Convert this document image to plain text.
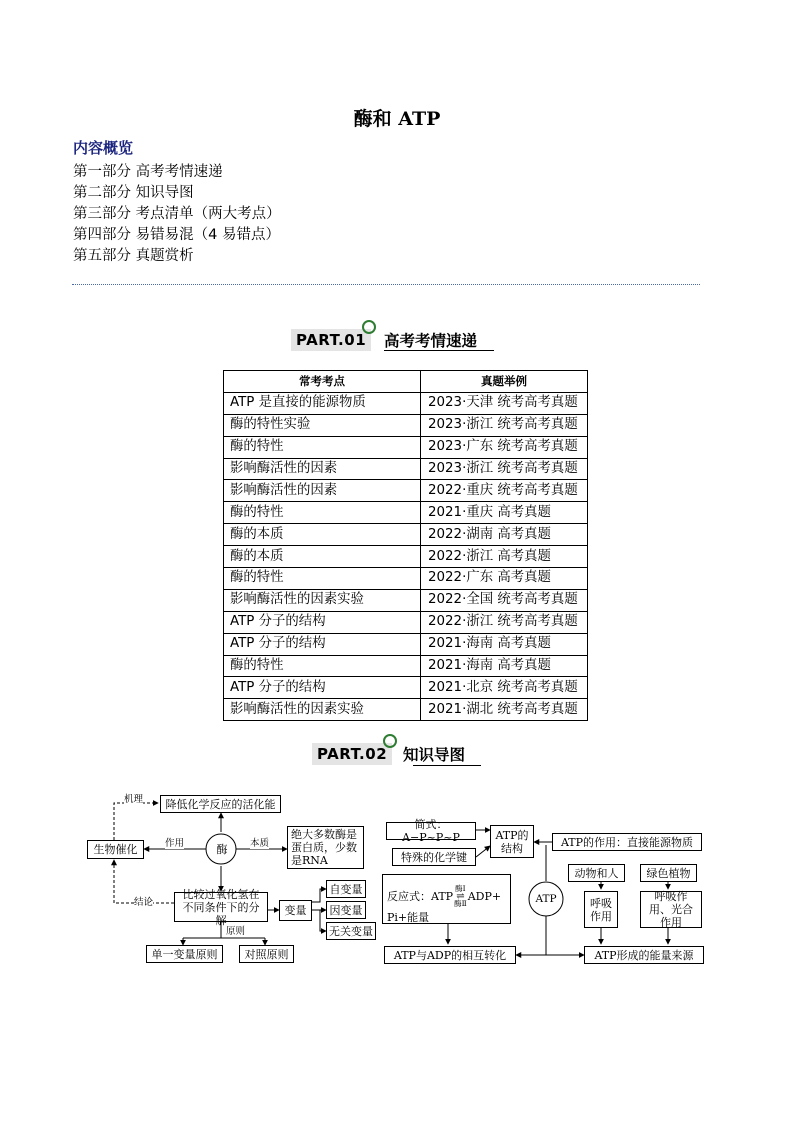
酶和 ATP
内容概览
第一部分 高考考情速递
第二部分 知识导图
第三部分 考点清单（两大考点）
第四部分 易错易混（4 易错点）
第五部分 真题赏析
PART.01	高考考情速递
常考考点	真题举例
ATP 是直接的能源物质	2023·天津 统考高考真题
酶的特性实验	2023·浙江 统考高考真题
酶的特性	2023·广东 统考高考真题
影响酶活性的因素	2023·浙江 统考高考真题
影响酶活性的因素	2022·重庆 统考高考真题
酶的特性	2021·重庆 高考真题
酶的本质	2022·湖南 高考真题
酶的本质	2022·浙江 高考真题
酶的特性	2022·广东 高考真题
影响酶活性的因素实验	2022·全国 统考高考真题
ATP 分子的结构	2022·浙江 统考高考真题
ATP 分子的结构	2021·海南 高考真题
酶的特性	2021·海南 高考真题
ATP 分子的结构	2021·北京 统考高考真题
影响酶活性的因素实验	2021·湖北 统考高考真题
PART.02	知识导图
酶
机理	降低化学反应的活化能
作用
生物催化	本质
绝大多数酶是蛋白质，少数是RNA
结论
比较过氧化氢在不同条件下的分解
变量
自变量
因变量
无关变量
原则
单一变量原则	对照原则
简式：A−P~P~P
特殊的化学键
ATP的结构	ATP的作用：直接能源物质
ATP
反应式：ATP
酶Ⅰ
⇌
酶Ⅱ
ADP+
Pi+能量
动物和人	绿色植物
呼吸作用
呼吸作用、光合作用
ATP与ADP的相互转化	ATP形成的能量来源
